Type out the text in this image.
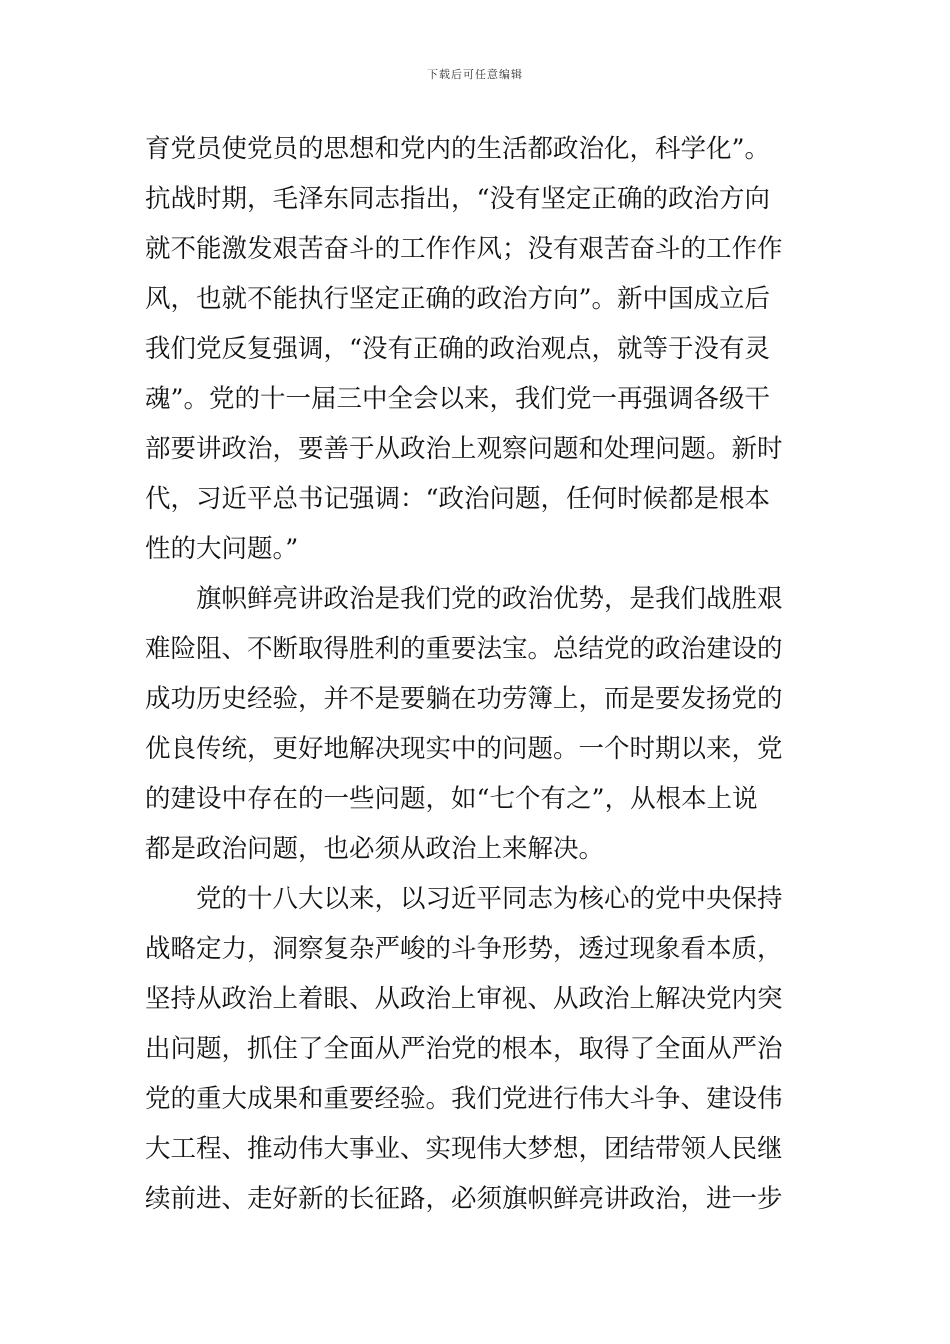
下载后可任意编辑
育党员使党员的思想和党内的生活都政治化，科学化”。
抗战时期，毛泽东同志指出，“没有坚定正确的政治方向
就不能激发艰苦奋斗的工作作风；没有艰苦奋斗的工作作
风，也就不能执行坚定正确的政治方向”。新中国成立后
我们党反复强调，“没有正确的政治观点，就等于没有灵
魂”。党的十一届三中全会以来，我们党一再强调各级干
部要讲政治，要善于从政治上观察问题和处理问题。新时
代，习近平总书记强调：“政治问题，任何时候都是根本
性的大问题。”
　　旗帜鲜亮讲政治是我们党的政治优势，是我们战胜艰
难险阻、不断取得胜利的重要法宝。总结党的政治建设的
成功历史经验，并不是要躺在功劳簿上，而是要发扬党的
优良传统，更好地解决现实中的问题。一个时期以来，党
的建设中存在的一些问题，如“七个有之”，从根本上说
都是政治问题，也必须从政治上来解决。
　　党的十八大以来，以习近平同志为核心的党中央保持
战略定力，洞察复杂严峻的斗争形势，透过现象看本质，
坚持从政治上着眼、从政治上审视、从政治上解决党内突
出问题，抓住了全面从严治党的根本，取得了全面从严治
党的重大成果和重要经验。我们党进行伟大斗争、建设伟
大工程、推动伟大事业、实现伟大梦想，团结带领人民继
续前进、走好新的长征路，必须旗帜鲜亮讲政治，进一步
